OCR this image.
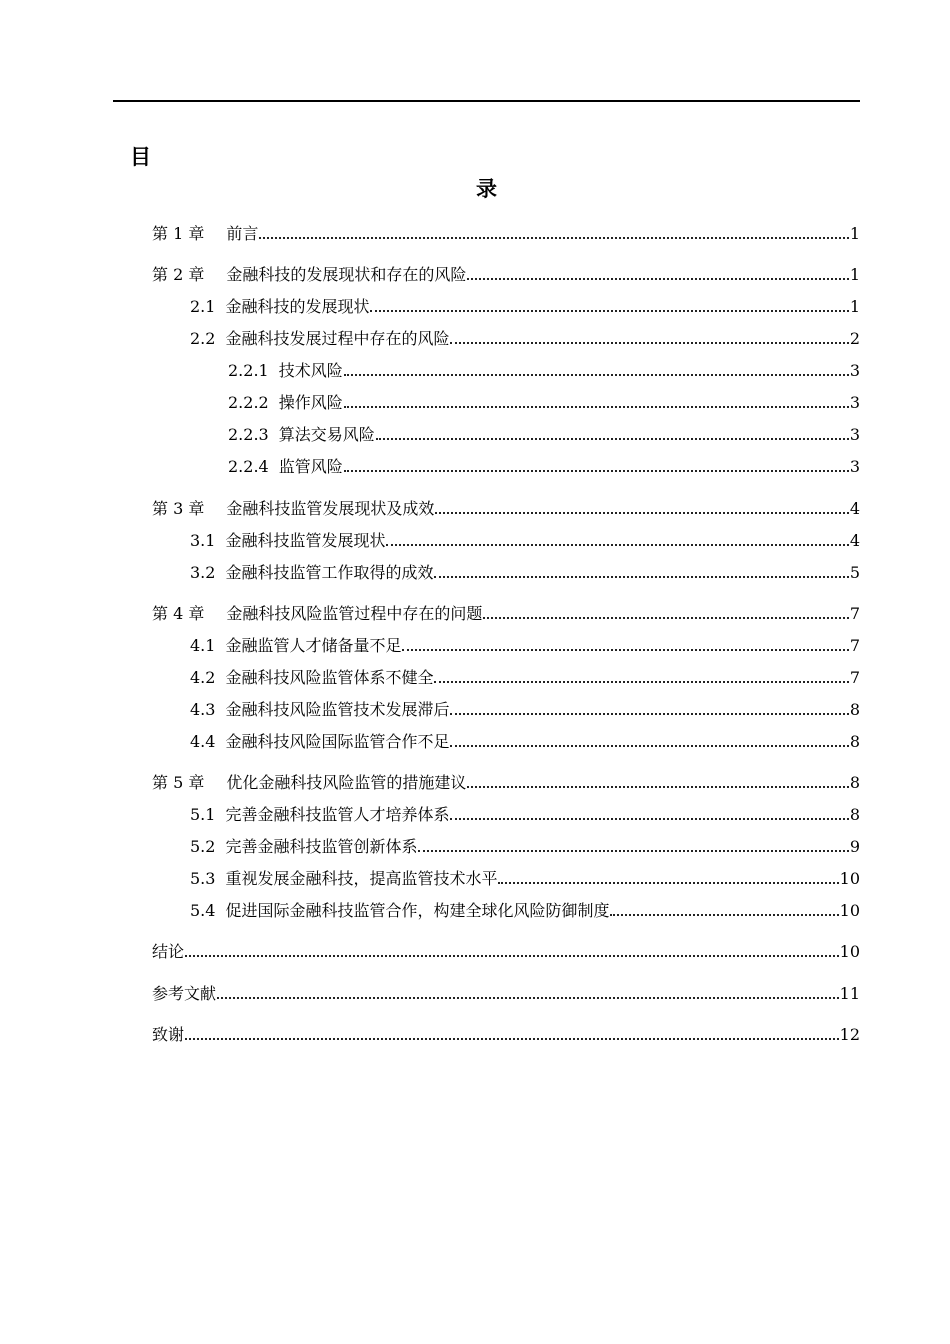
目
录
第 1 章 前言	1
第 2 章 金融科技的发展现状和存在的风险	1
2.1 金融科技的发展现状	1
2.2 金融科技发展过程中存在的风险	2
2.2.1 技术风险	3
2.2.2 操作风险	3
2.2.3 算法交易风险	3
2.2.4 监管风险	3
第 3 章 金融科技监管发展现状及成效	4
3.1 金融科技监管发展现状	4
3.2 金融科技监管工作取得的成效	5
第 4 章 金融科技风险监管过程中存在的问题	7
4.1 金融监管人才储备量不足	7
4.2 金融科技风险监管体系不健全	7
4.3 金融科技风险监管技术发展滞后	8
4.4 金融科技风险国际监管合作不足	8
第 5 章 优化金融科技风险监管的措施建议	8
5.1 完善金融科技监管人才培养体系	8
5.2 完善金融科技监管创新体系	9
5.3 重视发展金融科技，提高监管技术水平	10
5.4 促进国际金融科技监管合作，构建全球化风险防御制度	10
结论	10
参考文献	11
致谢	12
